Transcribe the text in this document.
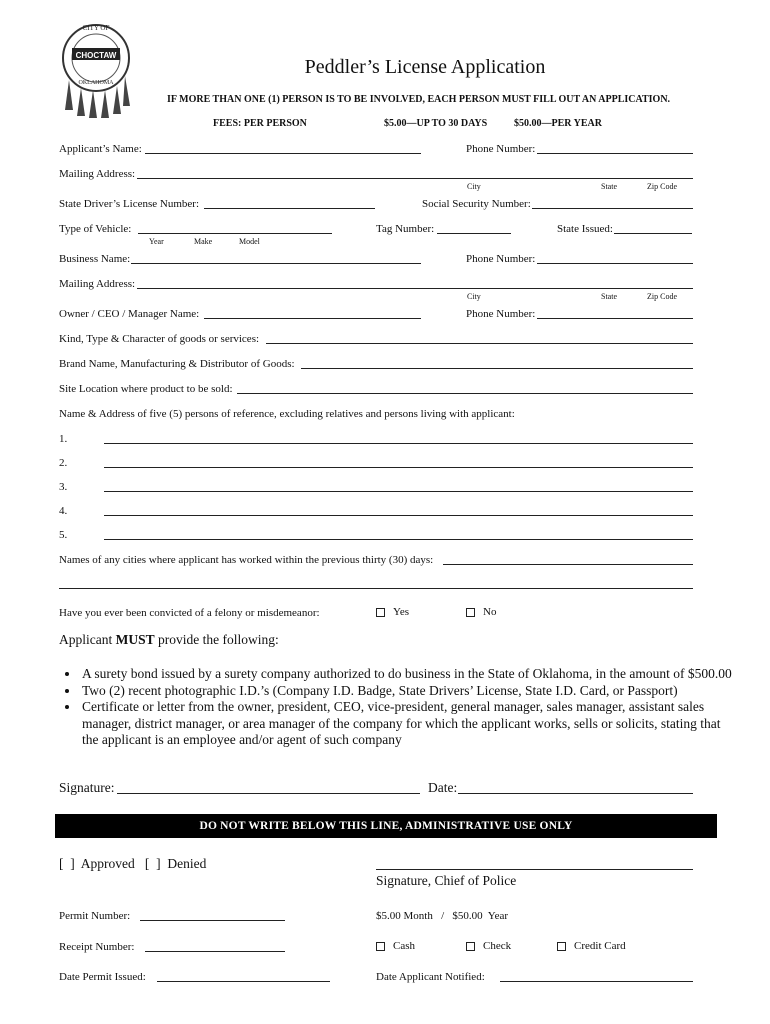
CITY OF
CHOCTAW
OKLAHOMA
Peddler’s License Application
IF MORE THAN ONE (1) PERSON IS TO BE INVOLVED, EACH PERSON MUST FILL OUT AN APPLICATION.
FEES: PER PERSON	$5.00—UP TO 30 DAYS	$50.00—PER YEAR
Applicant’s Name:	Phone Number:
Mailing Address:
City	State	Zip Code
State Driver’s License Number:	Social Security Number:
Type of Vehicle:
Year	Make	Model
Tag Number:	State Issued:
Business Name:	Phone Number:
Mailing Address:
City	State	Zip Code
Owner / CEO / Manager Name:	Phone Number:
Kind, Type & Character of goods or services:
Brand Name, Manufacturing & Distributor of Goods:
Site Location where product to be sold:
Name & Address of five (5) persons of reference, excluding relatives and persons living with applicant:
1.
2.
3.
4.
5.
Names of any cities where applicant has worked within the previous thirty (30) days:
Have you ever been convicted of a felony or misdemeanor:	Yes	No
Applicant MUST provide the following:
• A surety bond issued by a surety company authorized to do business in the State of Oklahoma, in the amount of $500.00
• Two (2) recent photographic I.D.’s (Company I.D. Badge, State Drivers’ License, State I.D. Card, or Passport)
• Certificate or letter from the owner, president, CEO, vice-president, general manager, sales manager, assistant sales manager, district manager, or area manager of the company for which the applicant works, sells or solicits, stating that the applicant is an employee and/or agent of such company
Signature:	Date:
DO NOT WRITE BELOW THIS LINE, ADMINISTRATIVE USE ONLY
[  ]  Approved   [  ]  Denied
Signature, Chief of Police
Permit Number:	$5.00 Month   /   $50.00  Year
Receipt Number:	Cash	Check	Credit Card
Date Permit Issued:	Date Applicant Notified:
